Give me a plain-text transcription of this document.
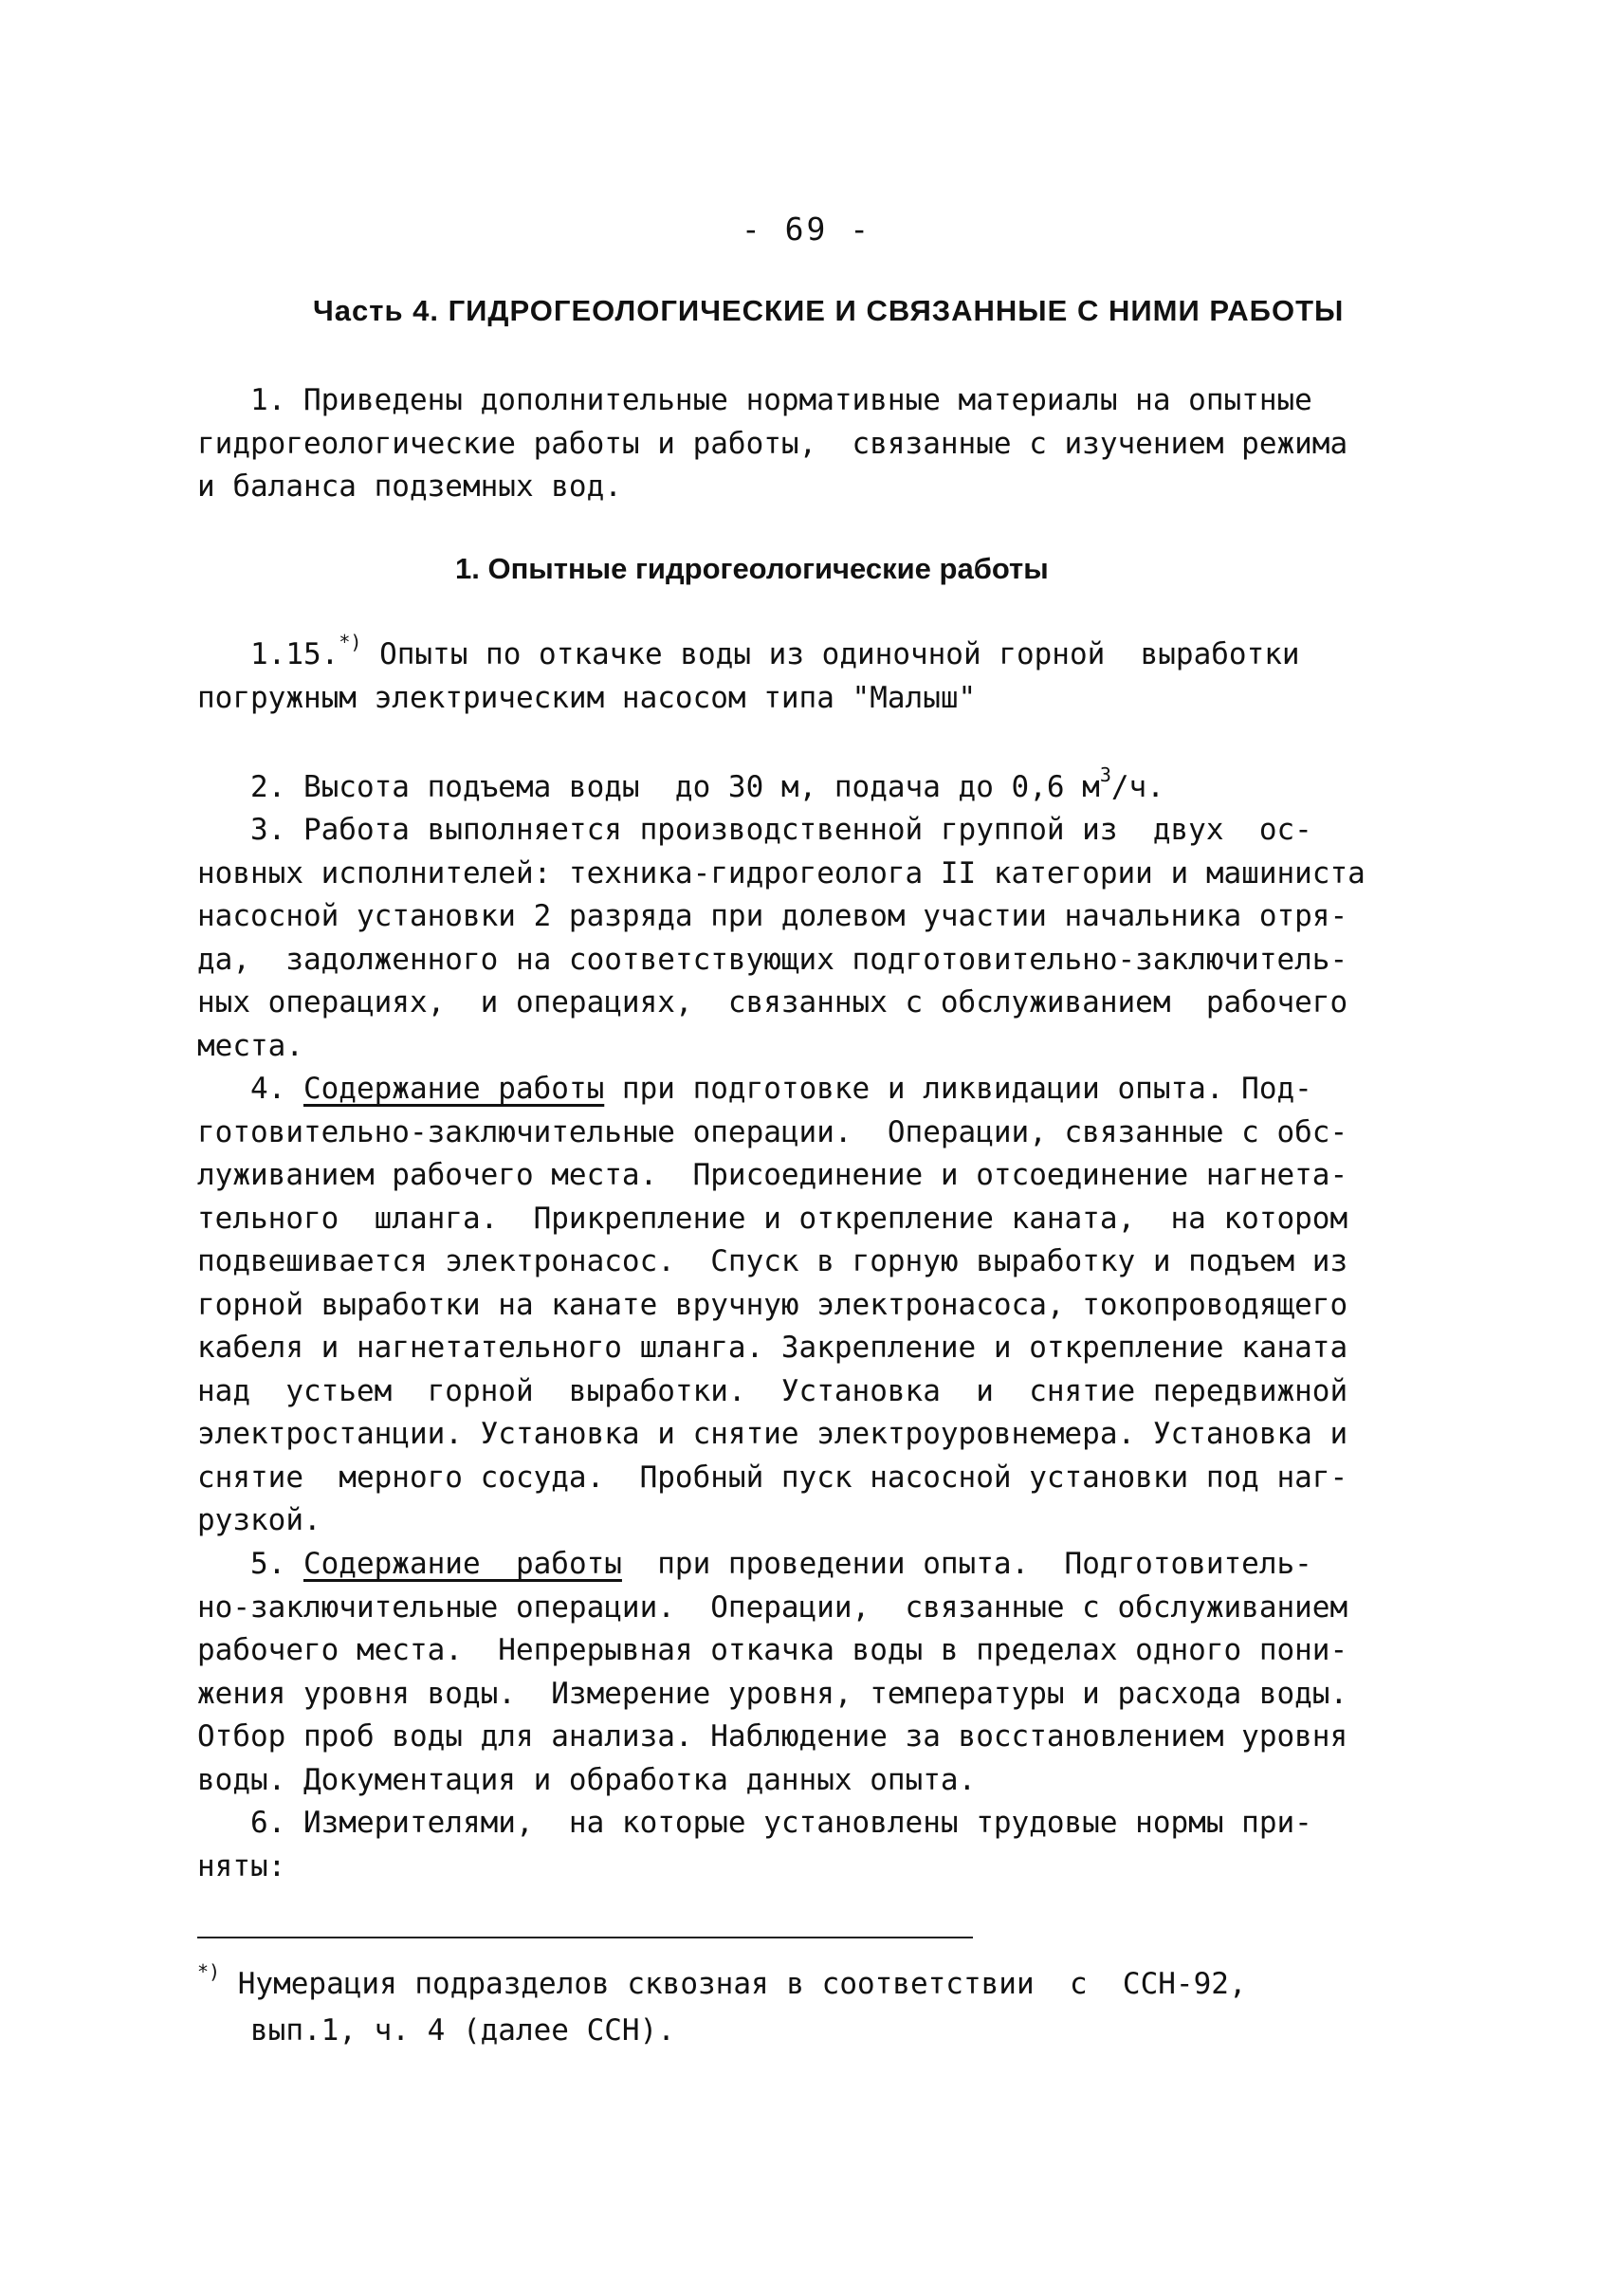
- 69 -
Часть 4. ГИДРОГЕОЛОГИЧЕСКИЕ И СВЯЗАННЫЕ С НИМИ РАБОТЫ
1. Приведены дополнительные нормативные материалы на опытные
гидрогеологические работы и работы,  связанные с изучением режима
и баланса подземных вод.
1. Опытные гидрогеологические работы
1.15.*) Опыты по откачке воды из одиночной горной  выработки
погружным электрическим насосом типа "Малыш"
2. Высота подъема воды  до 30 м, подача до 0,6 $м^3/ч$.
3. Работа выполняется производственной группой из  двух  ос-
новных исполнителей: техника-гидрогеолога II категории и машиниста
насосной установки 2 разряда при долевом участии начальника отря-
да,  задолженного на соответствующих подготовительно-заключитель-
ных операциях,  и операциях,  связанных с обслуживанием  рабочего
места.
4. Содержание работы при подготовке и ликвидации опыта. Под-
готовительно-заключительные операции.  Операции, связанные с обс-
луживанием рабочего места.  Присоединение и отсоединение нагнета-
тельного  шланга.  Прикрепление и открепление каната,  на котором
подвешивается электронасос.  Спуск в горную выработку и подъем из
горной выработки на канате вручную электронасоса, токопроводящего
кабеля и нагнетательного шланга. Закрепление и открепление каната
над  устьем  горной  выработки.  Установка  и  снятие передвижной
электростанции. Установка и снятие электроуровнемера. Установка и
снятие  мерного сосуда.  Пробный пуск насосной установки под наг-
рузкой.
5. Содержание  работы  при проведении опыта.  Подготовитель-
но-заключительные операции.  Операции,  связанные с обслуживанием
рабочего места.  Непрерывная откачка воды в пределах одного пони-
жения уровня воды.  Измерение уровня, температуры и расхода воды.
Отбор проб воды для анализа. Наблюдение за восстановлением уровня
воды. Документация и обработка данных опыта.
6. Измерителями,  на которые установлены трудовые нормы при-
няты:
*) Нумерация подразделов сквозная в соответствии  с  ССН-92,
вып.1, ч. 4 (далее ССН).
